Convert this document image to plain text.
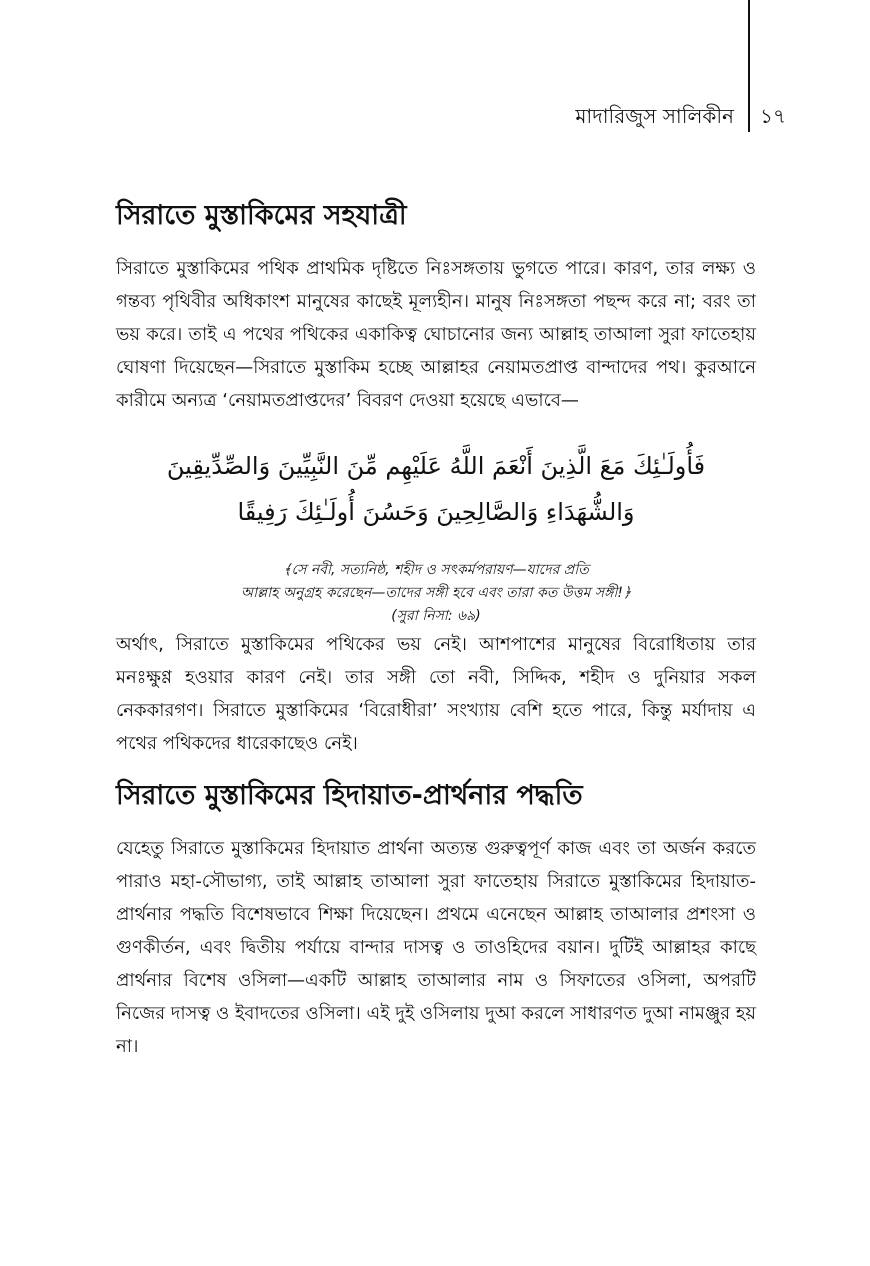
মাদারিজুস সালিকীন ১৭
সিরাতে মুস্তাকিমের সহযাত্রী

সিরাতে মুস্তাকিমের পথিক প্রাথমিক দৃষ্টিতে নিঃসঙ্গতায় ভুগতে পারে। কারণ, তার লক্ষ্য ও গন্তব্য পৃথিবীর অধিকাংশ মানুষের কাছেই মূল্যহীন। মানুষ নিঃসঙ্গতা পছন্দ করে না; বরং তা ভয় করে। তাই এ পথের পথিকের একাকিত্ব ঘোচানোর জন্য আল্লাহ তাআলা সুরা ফাতেহায় ঘোষণা দিয়েছেন—সিরাতে মুস্তাকিম হচ্ছে আল্লাহর নেয়ামতপ্রাপ্ত বান্দাদের পথ। কুরআনে কারীমে অন্যত্র ‘নেয়ামতপ্রাপ্তদের’ বিবরণ দেওয়া হয়েছে এভাবে—

فَأُولَـٰئِكَ مَعَ الَّذِينَ أَنْعَمَ اللَّهُ عَلَيْهِم مِّنَ النَّبِيِّينَ وَالصِّدِّيقِينَ
وَالشُّهَدَاءِ وَالصَّالِحِينَ وَحَسُنَ أُولَـٰئِكَ رَفِيقًا
﴾সে নবী, সত্যনিষ্ঠ, শহীদ ও সৎকর্মপরায়ণ—যাদের প্রতি
আল্লাহ অনুগ্রহ করেছেন—তাদের সঙ্গী হবে এবং তারা কত উত্তম সঙ্গী!﴿
(সুরা নিসা: ৬৯)

অর্থাৎ, সিরাতে মুস্তাকিমের পথিকের ভয় নেই। আশপাশের মানুষের বিরোধিতায় তার মনঃক্ষুণ্ণ হওয়ার কারণ নেই। তার সঙ্গী তো নবী, সিদ্দিক, শহীদ ও দুনিয়ার সকল নেককারগণ। সিরাতে মুস্তাকিমের ‘বিরোধীরা’ সংখ্যায় বেশি হতে পারে, কিন্তু মর্যাদায় এ পথের পথিকদের ধারেকাছেও নেই।

সিরাতে মুস্তাকিমের হিদায়াত-প্রার্থনার পদ্ধতি

যেহেতু সিরাতে মুস্তাকিমের হিদায়াত প্রার্থনা অত্যন্ত গুরুত্বপূর্ণ কাজ এবং তা অর্জন করতে পারাও মহা-সৌভাগ্য, তাই আল্লাহ তাআলা সুরা ফাতেহায় সিরাতে মুস্তাকিমের হিদায়াত-প্রার্থনার পদ্ধতি বিশেষভাবে শিক্ষা দিয়েছেন। প্রথমে এনেছেন আল্লাহ তাআলার প্রশংসা ও গুণকীর্তন, এবং দ্বিতীয় পর্যায়ে বান্দার দাসত্ব ও তাওহিদের বয়ান। দুটিই আল্লাহর কাছে প্রার্থনার বিশেষ ওসিলা—একটি আল্লাহ তাআলার নাম ও সিফাতের ওসিলা, অপরটি নিজের দাসত্ব ও ইবাদতের ওসিলা। এই দুই ওসিলায় দুআ করলে সাধারণত দুআ নামঞ্জুর হয় না।
